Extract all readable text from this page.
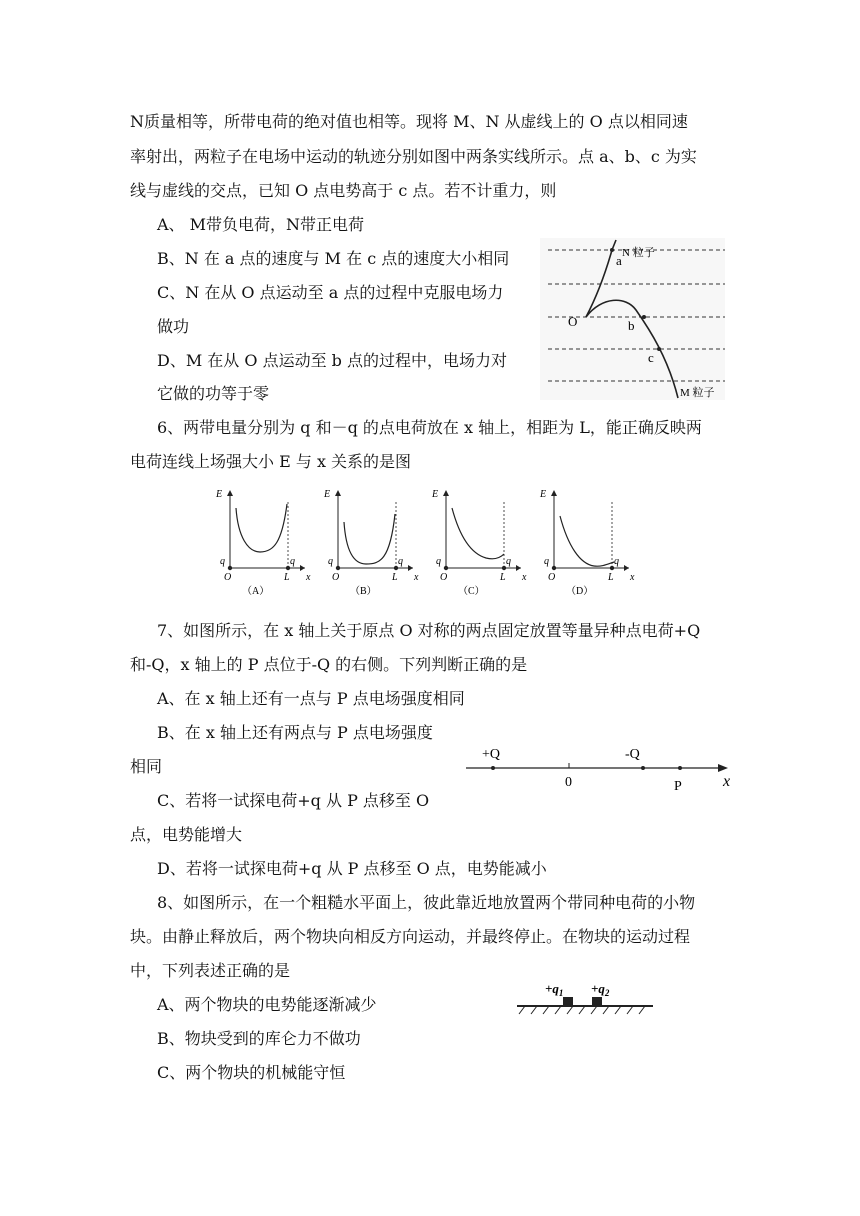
N质量相等，所带电荷的绝对值也相等。现将 M、N 从虚线上的 O 点以相同速
率射出，两粒子在电场中运动的轨迹分别如图中两条实线所示。点 a、b、c 为实
线与虚线的交点，已知 O 点电势高于 c 点。若不计重力，则
A、 M带负电荷，N带正电荷
B、N 在 a 点的速度与 M 在 c 点的速度大小相同
C、N 在从 O 点运动至 a 点的过程中克服电场力
做功
D、M 在从 O 点运动至 b 点的过程中，电场力对
它做的功等于零
a
O	b
c
N 粒子
M 粒子
6、两带电量分别为 q 和－q 的点电荷放在 x 轴上，相距为 L，能正确反映两
电荷连线上场强大小 E 与 x 关系的是图
E
x
O	L
q	q
（A）
E
x
O	L
q	q
（B）
E
x
O	L
q	q
（C）
E
x
O	L
q	q
（D）
7、如图所示，在 x 轴上关于原点 O 对称的两点固定放置等量异种点电荷+Q
和-Q，x 轴上的 P 点位于-Q 的右侧。下列判断正确的是
A、在 x 轴上还有一点与 P 点电场强度相同
B、在 x 轴上还有两点与 P 点电场强度
相同
C、若将一试探电荷+q 从 P 点移至 O
点，电势能增大
D、若将一试探电荷+q 从 P 点移至 O 点，电势能减小
+Q	-Q
0	P	x
8、如图所示，在一个粗糙水平面上，彼此靠近地放置两个带同种电荷的小物
块。由静止释放后，两个物块向相反方向运动，并最终停止。在物块的运动过程
中，下列表述正确的是
A、两个物块的电势能逐渐减少
B、物块受到的库仑力不做功
C、两个物块的机械能守恒
$+q_1 +q_2$
